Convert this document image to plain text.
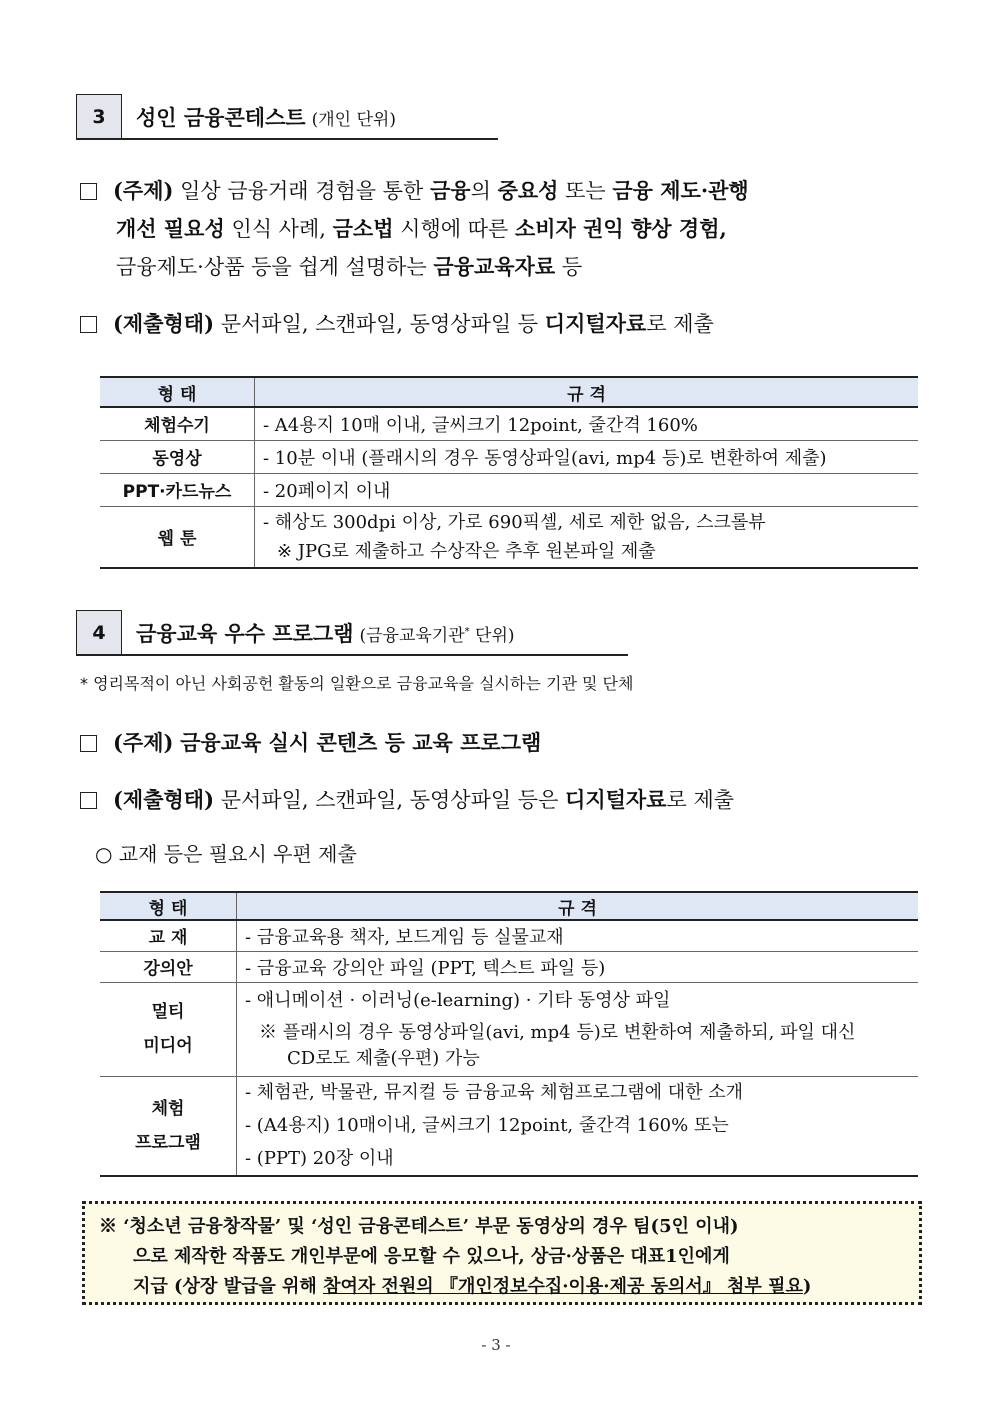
3	성인 금융콘테스트 (개인 단위)
(주제) 일상 금융거래 경험을 통한 금융의 중요성 또는 금융 제도·관행
개선 필요성 인식 사례, 금소법 시행에 따른 소비자 권익 향상 경험,
금융제도·상품 등을 쉽게 설명하는 금융교육자료 등
(제출형태) 문서파일, 스캔파일, 동영상파일 등 디지털자료로 제출
형 태	규 격
체험수기	- A4용지 10매 이내, 글씨크기 12point, 줄간격 160%

동영상	- 10분 이내 (플래시의 경우 동영상파일(avi, mp4 등)로 변환하여 제출)

PPT·카드뉴스	- 20페이지 이내

웹 툰	- 해상도 300dpi 이상, 가로 690픽셀, 세로 제한 없음, 스크롤뷰
※ JPG로 제출하고 수상작은 추후 원본파일 제출
4	금융교육 우수 프로그램 (금융교육기관* 단위)
* 영리목적이 아닌 사회공헌 활동의 일환으로 금융교육을 실시하는 기관 및 단체
(주제) 금융교육 실시 콘텐츠 등 교육 프로그램
(제출형태) 문서파일, 스캔파일, 동영상파일 등은 디지털자료로 제출
○ 교재 등은 필요시 우편 제출
형 태	규 격
교 재	- 금융교육용 책자, 보드게임 등 실물교재

강의안	- 금융교육 강의안 파일 (PPT, 텍스트 파일 등)

멀티
미디어	- 애니메이션 · 이러닝(e-learning) · 기타 동영상 파일
※ 플래시의 경우 동영상파일(avi, mp4 등)로 변환하여 제출하되, 파일 대신
CD로도 제출(우편) 가능

체험
프로그램	- 체험관, 박물관, 뮤지컬 등 금융교육 체험프로그램에 대한 소개
- (A4용지) 10매이내, 글씨크기 12point, 줄간격 160% 또는
- (PPT) 20장 이내
※ ‘청소년 금융창작물’ 및 ‘성인 금융콘테스트’ 부문 동영상의 경우 팀(5인 이내)
으로 제작한 작품도 개인부문에 응모할 수 있으나, 상금·상품은 대표1인에게
지급 (상장 발급을 위해 참여자 전원의 『개인정보수집·이용·제공 동의서』 첨부 필요)
- 3 -
